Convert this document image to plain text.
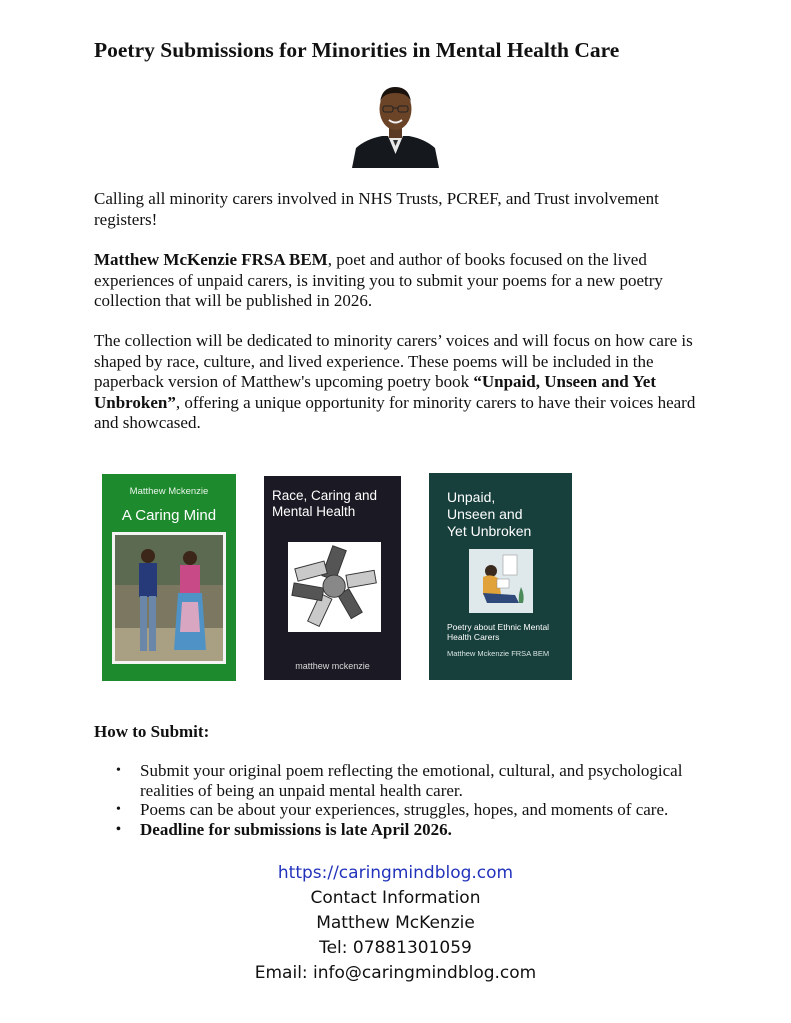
Poetry Submissions for Minorities in Mental Health Care

Calling all minority carers involved in NHS Trusts, PCREF, and Trust involvement registers!

Matthew McKenzie FRSA BEM, poet and author of books focused on the lived experiences of unpaid carers, is inviting you to submit your poems for a new poetry collection that will be published in 2026.

The collection will be dedicated to minority carers’ voices and will focus on how care is shaped by race, culture, and lived experience. These poems will be included in the paperback version of Matthew's upcoming poetry book “Unpaid, Unseen and Yet Unbroken”, offering a unique opportunity for minority carers to have their voices heard and showcased.

Matthew Mckenzie
A Caring Mind
Race, Caring and
Mental Health
matthew mckenzie
Unpaid,
Unseen and
Yet Unbroken
Poetry about Ethnic Mental
Health Carers
Matthew Mckenzie FRSA BEM
How to Submit:
• Submit your original poem reflecting the emotional, cultural, and psychological realities of being an unpaid mental health carer.
• Poems can be about your experiences, struggles, hopes, and moments of care.
• Deadline for submissions is late April 2026.
https://caringmindblog.com
Contact Information
Matthew McKenzie
Tel: 07881301059
Email: info@caringmindblog.com
